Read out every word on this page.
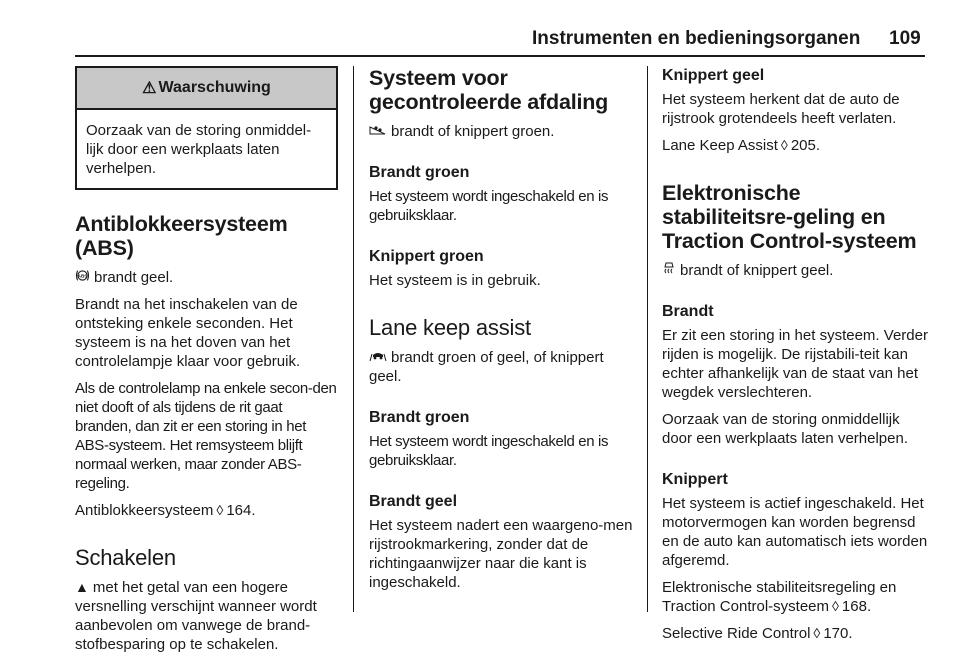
Instrumenten en bedieningsorganen 109
⚠ Waarschuwing
Oorzaak van de storing onmiddel-lijk door een werkplaats laten verhelpen.
Antiblokkeersysteem (ABS)

ABS brandt geel.

Brandt na het inschakelen van de ontsteking enkele seconden. Het systeem is na het doven van het controlelampje klaar voor gebruik.

Als de controlelamp na enkele secon-den niet dooft of als tijdens de rit gaat branden, dan zit er een storing in het ABS-systeem. Het remsysteem blijft normaal werken, maar zonder ABS-regeling.

Antiblokkeersysteem ◊ 164.

Schakelen

▲ met het getal van een hogere versnelling verschijnt wanneer wordt aanbevolen om vanwege de brand-stofbesparing op te schakelen.

Systeem voor gecontroleerde afdaling

brandt of knippert groen.

Brandt groen

Het systeem wordt ingeschakeld en is gebruiksklaar.

Knippert groen

Het systeem is in gebruik.

Lane keep assist

brandt groen of geel, of knippert geel.

Brandt groen

Het systeem wordt ingeschakeld en is gebruiksklaar.

Brandt geel

Het systeem nadert een waargeno-men rijstrookmarkering, zonder dat de richtingaanwijzer naar die kant is ingeschakeld.

Knippert geel

Het systeem herkent dat de auto de rijstrook grotendeels heeft verlaten.

Lane Keep Assist ◊ 205.

Elektronische stabiliteitsre-geling en Traction Control-systeem

brandt of knippert geel.

Brandt

Er zit een storing in het systeem. Verder rijden is mogelijk. De rijstabili-teit kan echter afhankelijk van de staat van het wegdek verslechteren.

Oorzaak van de storing onmiddellijk door een werkplaats laten verhelpen.

Knippert

Het systeem is actief ingeschakeld. Het motorvermogen kan worden begrensd en de auto kan automatisch iets worden afgeremd.

Elektronische stabiliteitsregeling en Traction Control-systeem ◊ 168.

Selective Ride Control ◊ 170.
